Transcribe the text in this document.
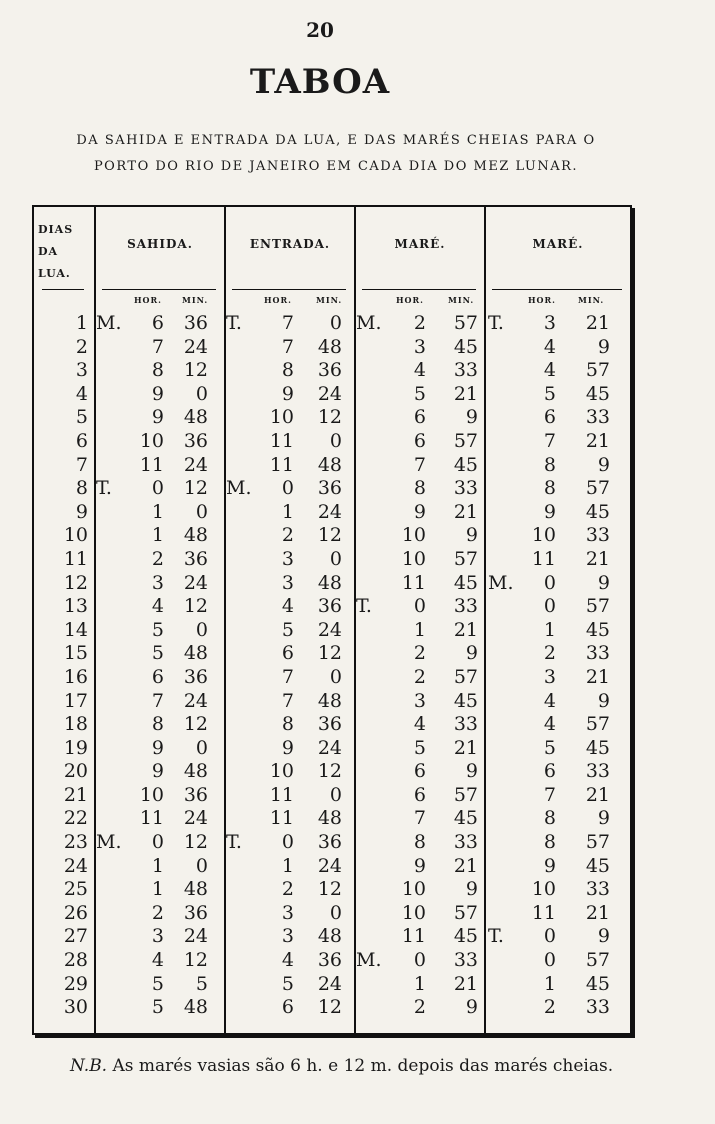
20
TABOA
DA SAHIDA E ENTRADA DA LUA, E DAS MARÉS CHEIAS PARA O
PORTO DO RIO DE JANEIRO EM CADA DIA DO MEZ LUNAR.
DIAS
DA
LUA.
SAHIDA.	ENTRADA.	MARÉ.	MARÉ.
HOR.	MIN.	HOR.	MIN.	HOR.	MIN.	HOR.	MIN.
1 M.	6	36 T.	7	0 M.	2	57 T.	3	21
2	7	24	7	48	3	45	4	9
3	8	12	8	36	4	33	4	57
4	9	0	9	24	5	21	5	45
5	9	48	10	12	6	9	6	33
6	10	36	11	0	6	57	7	21
7	11	24	11	48	7	45	8	9
8 T.	0	12 M.	0	36	8	33	8	57
9	1	0	1	24	9	21	9	45
10	1	48	2	12	10	9	10	33
11	2	36	3	0	10	57	11	21
12	3	24	3	48	11	45 M.	0	9
13	4	12	4	36 T.	0	33	0	57
14	5	0	5	24	1	21	1	45
15	5	48	6	12	2	9	2	33
16	6	36	7	0	2	57	3	21
17	7	24	7	48	3	45	4	9
18	8	12	8	36	4	33	4	57
19	9	0	9	24	5	21	5	45
20	9	48	10	12	6	9	6	33
21	10	36	11	0	6	57	7	21
22	11	24	11	48	7	45	8	9
23 M.	0	12 T.	0	36	8	33	8	57
24	1	0	1	24	9	21	9	45
25	1	48	2	12	10	9	10	33
26	2	36	3	0	10	57	11	21
27	3	24	3	48	11	45 T.	0	9
28	4	12	4	36 M.	0	33	0	57
29	5	5	5	24	1	21	1	45
30	5	48	6	12	2	9	2	33
N.B. As marés vasias são 6 h. e 12 m. depois das marés cheias.
